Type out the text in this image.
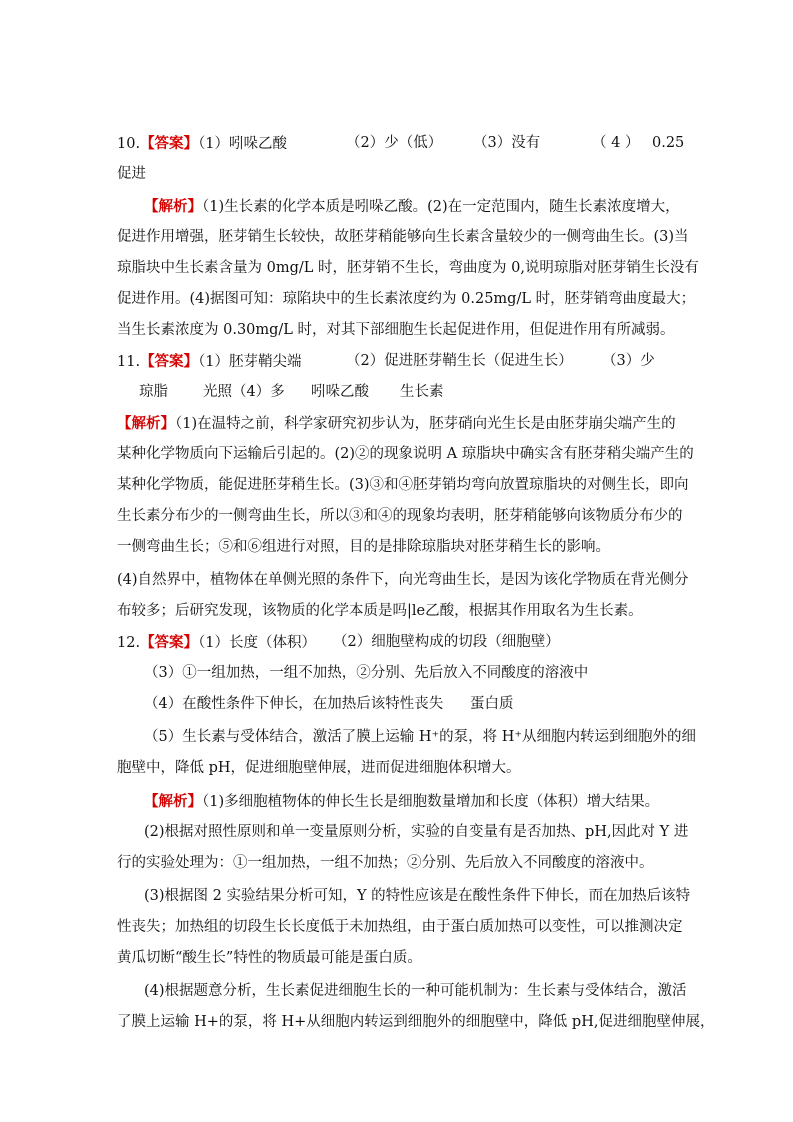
10.【答案】（1）吲哚乙酸	（2）少（低） （3）没有	（ 4 ） 0.25
促进
【解析】（1)生长素的化学本质是吲哚乙酸。(2)在一定范围内，随生长素浓度增大，
促进作用增强，胚芽销生长较快，故胚芽稍能够向生长素含量较少的一侧弯曲生长。(3)当
琼脂块中生长素含量为 0mg/L 时，胚芽销不生长，弯曲度为 0,说明琼脂对胚芽销生长没有
促进作用。(4)据图可知：琼陷块中的生长素浓度约为 0.25mg/L 时，胚芽销弯曲度最大；
当生长素浓度为 0.30mg/L 时，对其下部细胞生长起促进作用，但促进作用有所减弱。
11.【答案】（1）胚芽鞘尖端	（2）促进胚芽鞘生长（促进生长） （3）少
琼脂 光照（4）多 吲哚乙酸 生长素
【解析】（1)在温特之前，科学家研究初步认为，胚芽硝向光生长是由胚芽崩尖端产生的
某种化学物质向下运输后引起的。(2)②的现象说明 A 琼脂块中确实含有胚芽稍尖端产生的
某种化学物质，能促进胚芽稍生长。(3)③和④胚芽销均弯向放置琼脂块的对侧生长，即向
生长素分布少的一侧弯曲生长，所以③和④的现象均表明，胚芽稍能够向该物质分布少的
一侧弯曲生长；⑤和⑥组进行对照，目的是排除琼脂块对胚芽稍生长的影响。
(4)自然界中，植物体在单侧光照的条件下，向光弯曲生长，是因为该化学物质在背光侧分
布较多；后研究发现，该物质的化学本质是吗|le乙酸，根据其作用取名为生长素。
12.【答案】（1）长度（体积） （2）细胞壁构成的切段（细胞壁）
（3）①一组加热，一组不加热，②分别、先后放入不同酸度的溶液中
（4）在酸性条件下伸长，在加热后该特性丧失 蛋白质
（5）生长素与受体结合，激活了膜上运输 H⁺的泵，将 H⁺从细胞内转运到细胞外的细
胞壁中，降低 pH，促进细胞壁伸展，进而促进细胞体积增大。
【解析】（1)多细胞植物体的伸长生长是细胞数量增加和长度（体积）增大结果。
(2)根据对照性原则和单一变量原则分析，实验的自变量有是否加热、pH,因此对 Y 进
行的实验处理为：①一组加热，一组不加热；②分别、先后放入不同酸度的溶液中。
(3)根据图 2 实验结果分析可知，Y 的特性应该是在酸性条件下伸长，而在加热后该特
性丧失；加热组的切段生长长度低于未加热组，由于蛋白质加热可以变性，可以推测决定
黄瓜切断“酸生长”特性的物质最可能是蛋白质。
(4)根据题意分析，生长素促进细胞生长的一种可能机制为：生长素与受体结合，激活
了膜上运输 H+的泵，将 H+从细胞内转运到细胞外的细胞壁中，降低 pH,促进细胞壁伸展，
